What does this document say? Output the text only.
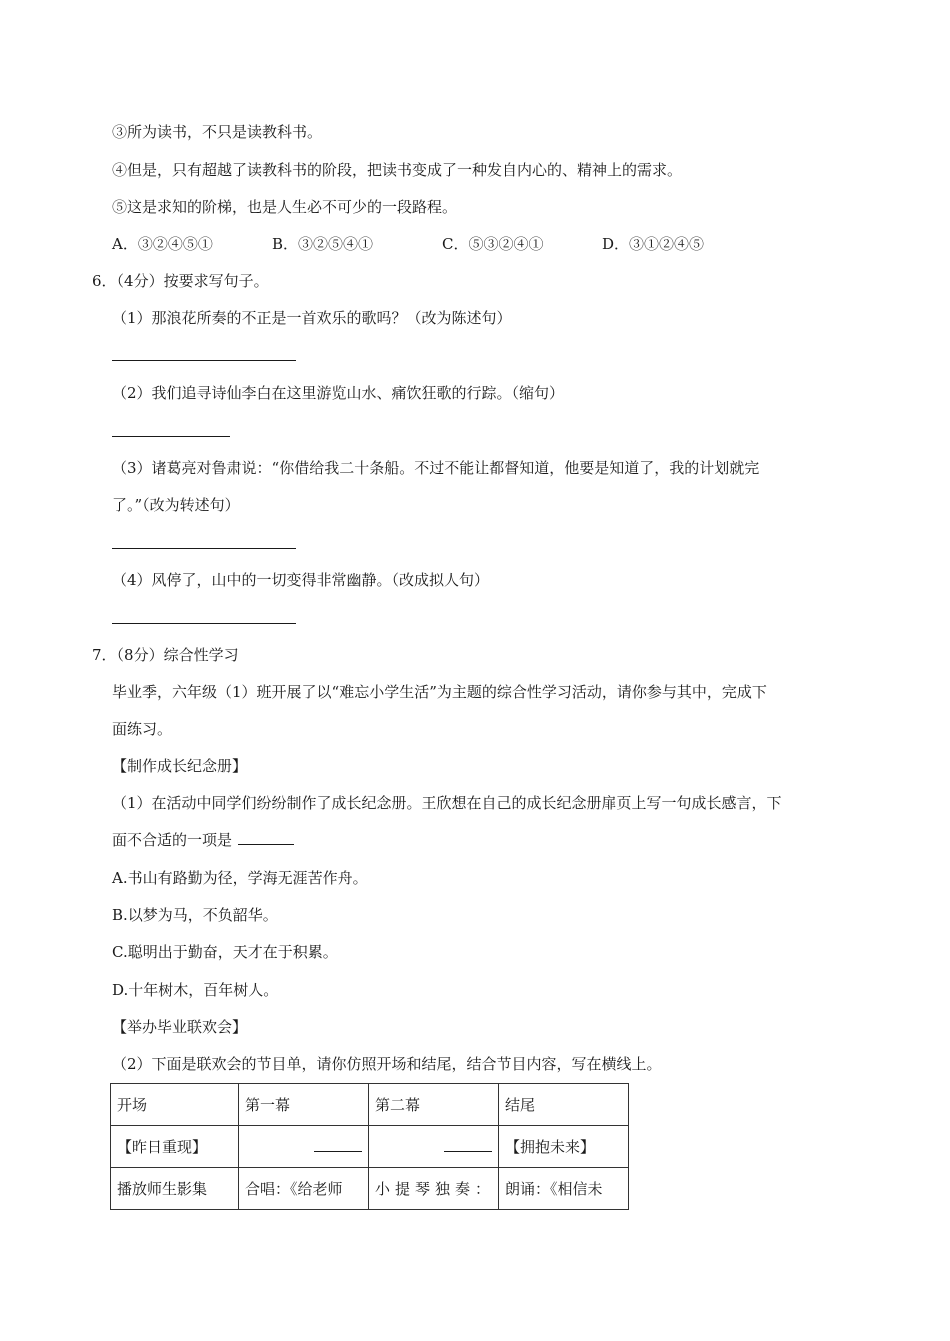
③所为读书，不只是读教科书。
④但是，只有超越了读教科书的阶段，把读书变成了一种发自内心的、精神上的需求。
⑤这是求知的阶梯，也是人生必不可少的一段路程。
A．③②④⑤①	B．③②⑤④①	C．⑤③②④①	D．③①②④⑤
6．（4分）按要求写句子。
（1）那浪花所奏的不正是一首欢乐的歌吗？（改为陈述句）
（2）我们追寻诗仙李白在这里游览山水、痛饮狂歌的行踪。（缩句）
（3）诸葛亮对鲁肃说：“你借给我二十条船。不过不能让都督知道，他要是知道了，我的计划就完
了。”（改为转述句）
（4）风停了，山中的一切变得非常幽静。（改成拟人句）
7．（8分）综合性学习
毕业季，六年级（1）班开展了以“难忘小学生活”为主题的综合性学习活动，请你参与其中，完成下
面练习。
【制作成长纪念册】
（1）在活动中同学们纷纷制作了成长纪念册。王欣想在自己的成长纪念册扉页上写一句成长感言，下
面不合适的一项是
A.书山有路勤为径，学海无涯苦作舟。
B.以梦为马，不负韶华。
C.聪明出于勤奋，天才在于积累。
D.十年树木，百年树人。
【举办毕业联欢会】
（2）下面是联欢会的节目单，请你仿照开场和结尾，结合节目内容，写在横线上。
开场	第一幕	第二幕	结尾
【昨日重现】			【拥抱未来】
播放师生影集	合唱：《给老师	小提琴独奏：	朗诵：《相信未
